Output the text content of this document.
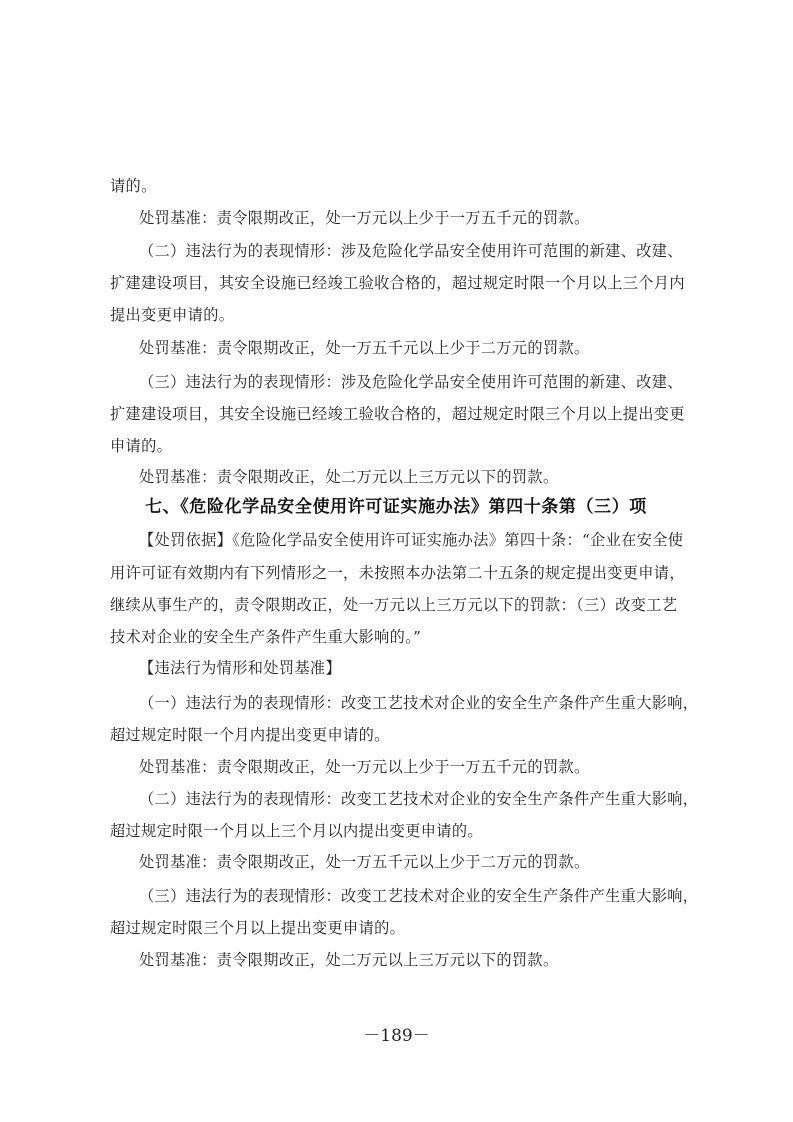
请的。
处罚基准：责令限期改正，处一万元以上少于一万五千元的罚款。
（二）违法行为的表现情形：涉及危险化学品安全使用许可范围的新建、改建、
扩建建设项目，其安全设施已经竣工验收合格的，超过规定时限一个月以上三个月内
提出变更申请的。
处罚基准：责令限期改正，处一万五千元以上少于二万元的罚款。
（三）违法行为的表现情形：涉及危险化学品安全使用许可范围的新建、改建、
扩建建设项目，其安全设施已经竣工验收合格的，超过规定时限三个月以上提出变更
申请的。
处罚基准：责令限期改正，处二万元以上三万元以下的罚款。
七、《危险化学品安全使用许可证实施办法》第四十条第（三）项
【处罚依据】《危险化学品安全使用许可证实施办法》第四十条：“企业在安全使
用许可证有效期内有下列情形之一，未按照本办法第二十五条的规定提出变更申请，
继续从事生产的，责令限期改正，处一万元以上三万元以下的罚款：（三）改变工艺
技术对企业的安全生产条件产生重大影响的。”
【违法行为情形和处罚基准】
（一）违法行为的表现情形：改变工艺技术对企业的安全生产条件产生重大影响，
超过规定时限一个月内提出变更申请的。
处罚基准：责令限期改正，处一万元以上少于一万五千元的罚款。
（二）违法行为的表现情形：改变工艺技术对企业的安全生产条件产生重大影响，
超过规定时限一个月以上三个月以内提出变更申请的。
处罚基准：责令限期改正，处一万五千元以上少于二万元的罚款。
（三）违法行为的表现情形：改变工艺技术对企业的安全生产条件产生重大影响，
超过规定时限三个月以上提出变更申请的。
处罚基准：责令限期改正，处二万元以上三万元以下的罚款。
－189－
